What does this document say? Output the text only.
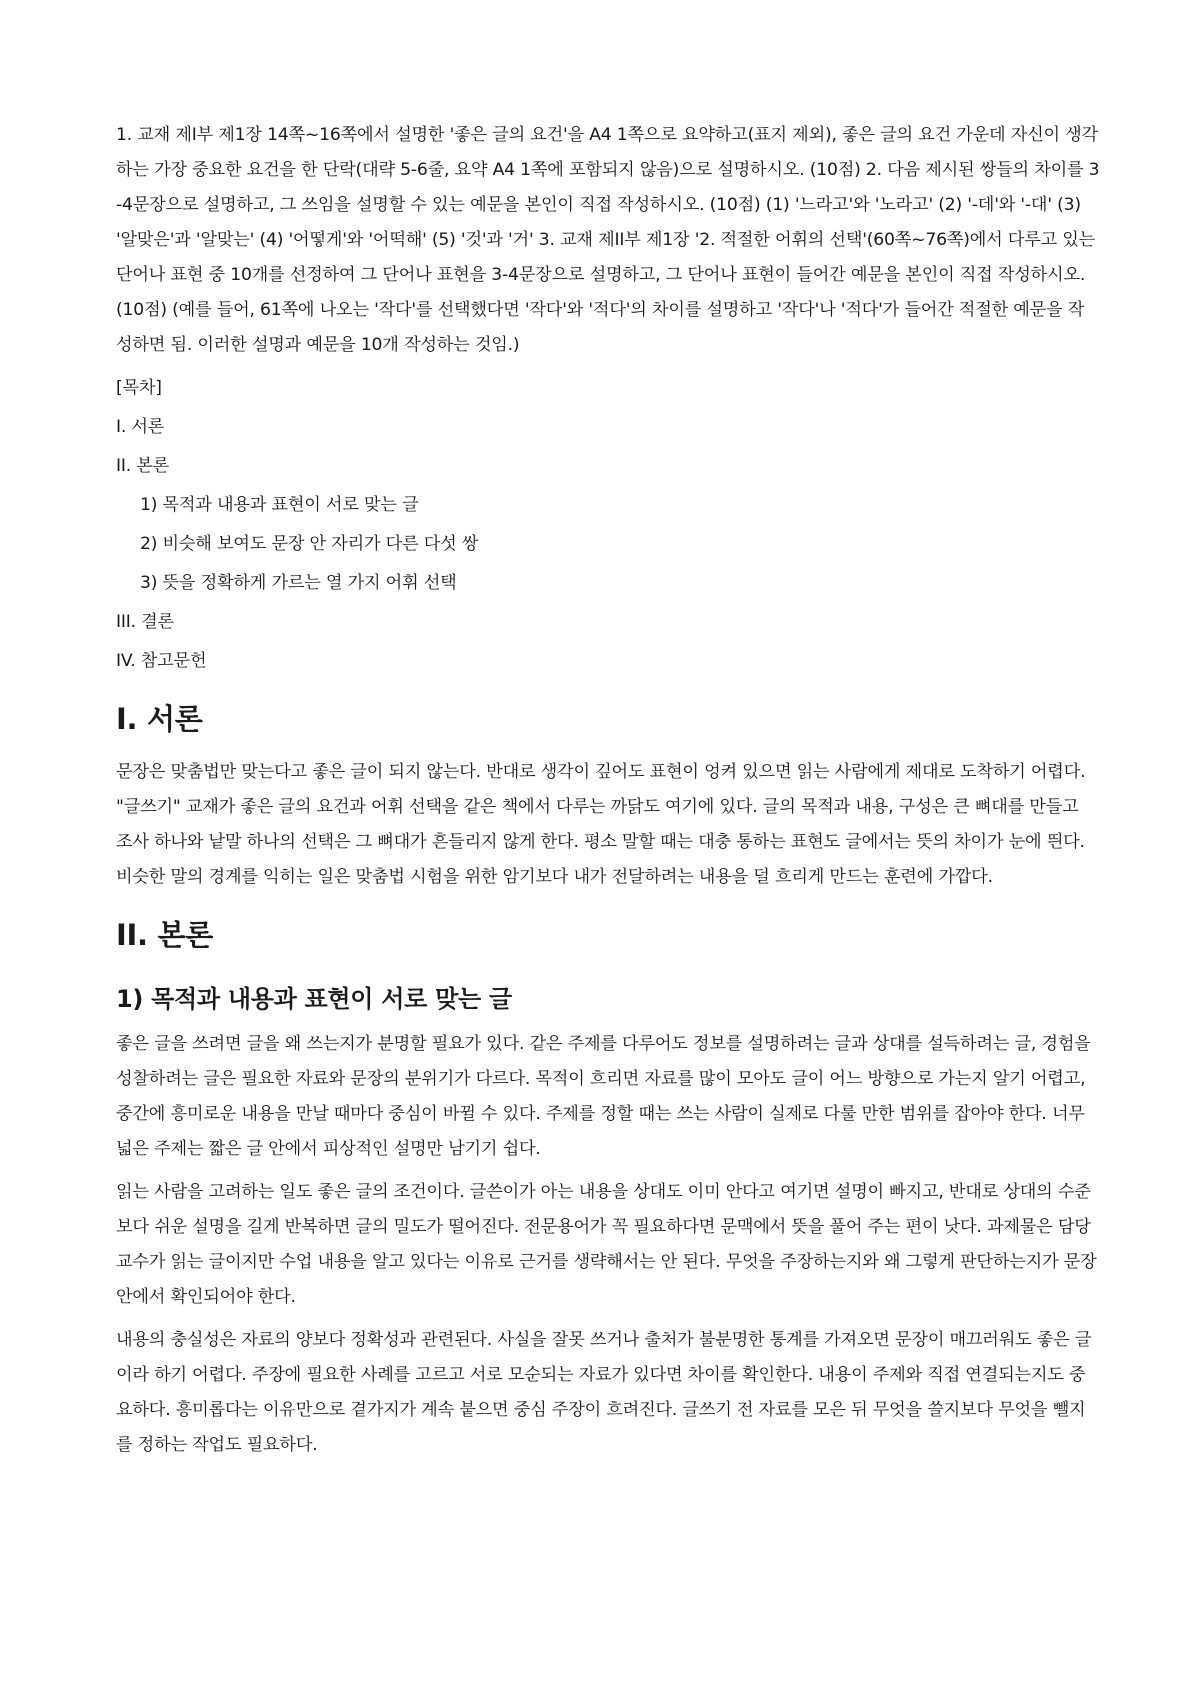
1. 교재 제I부 제1장 14쪽~16쪽에서 설명한 '좋은 글의 요건'을 A4 1쪽으로 요약하고(표지 제외), 좋은 글의 요건 가운데 자신이 생각하는 가장 중요한 요건을 한 단락(대략 5-6줄, 요약 A4 1쪽에 포함되지 않음)으로 설명하시오. (10점) 2. 다음 제시된 쌍들의 차이를 3-4문장으로 설명하고, 그 쓰임을 설명할 수 있는 예문을 본인이 직접 작성하시오. (10점) (1) '느라고'와 '노라고' (2) '-데'와 '-대' (3) '알맞은'과 '알맞는' (4) '어떻게'와 '어떡해' (5) '것'과 '거' 3. 교재 제II부 제1장 '2. 적절한 어휘의 선택'(60쪽~76쪽)에서 다루고 있는 단어나 표현 중 10개를 선정하여 그 단어나 표현을 3-4문장으로 설명하고, 그 단어나 표현이 들어간 예문을 본인이 직접 작성하시오. (10점) (예를 들어, 61쪽에 나오는 '작다'를 선택했다면 '작다'와 '적다'의 차이를 설명하고 '작다'나 '적다'가 들어간 적절한 예문을 작성하면 됨. 이러한 설명과 예문을 10개 작성하는 것임.)

[목차]

I. 서론

II. 본론

1) 목적과 내용과 표현이 서로 맞는 글

2) 비슷해 보여도 문장 안 자리가 다른 다섯 쌍

3) 뜻을 정확하게 가르는 열 가지 어휘 선택

III. 결론

IV. 참고문헌

I. 서론

문장은 맞춤법만 맞는다고 좋은 글이 되지 않는다. 반대로 생각이 깊어도 표현이 엉켜 있으면 읽는 사람에게 제대로 도착하기 어렵다. "글쓰기" 교재가 좋은 글의 요건과 어휘 선택을 같은 책에서 다루는 까닭도 여기에 있다. 글의 목적과 내용, 구성은 큰 뼈대를 만들고 조사 하나와 낱말 하나의 선택은 그 뼈대가 흔들리지 않게 한다. 평소 말할 때는 대충 통하는 표현도 글에서는 뜻의 차이가 눈에 띈다. 비슷한 말의 경계를 익히는 일은 맞춤법 시험을 위한 암기보다 내가 전달하려는 내용을 덜 흐리게 만드는 훈련에 가깝다.

II. 본론
1) 목적과 내용과 표현이 서로 맞는 글

좋은 글을 쓰려면 글을 왜 쓰는지가 분명할 필요가 있다. 같은 주제를 다루어도 정보를 설명하려는 글과 상대를 설득하려는 글, 경험을 성찰하려는 글은 필요한 자료와 문장의 분위기가 다르다. 목적이 흐리면 자료를 많이 모아도 글이 어느 방향으로 가는지 알기 어렵고, 중간에 흥미로운 내용을 만날 때마다 중심이 바뀔 수 있다. 주제를 정할 때는 쓰는 사람이 실제로 다룰 만한 범위를 잡아야 한다. 너무 넓은 주제는 짧은 글 안에서 피상적인 설명만 남기기 쉽다.

읽는 사람을 고려하는 일도 좋은 글의 조건이다. 글쓴이가 아는 내용을 상대도 이미 안다고 여기면 설명이 빠지고, 반대로 상대의 수준보다 쉬운 설명을 길게 반복하면 글의 밀도가 떨어진다. 전문용어가 꼭 필요하다면 문맥에서 뜻을 풀어 주는 편이 낫다. 과제물은 담당 교수가 읽는 글이지만 수업 내용을 알고 있다는 이유로 근거를 생략해서는 안 된다. 무엇을 주장하는지와 왜 그렇게 판단하는지가 문장 안에서 확인되어야 한다.

내용의 충실성은 자료의 양보다 정확성과 관련된다. 사실을 잘못 쓰거나 출처가 불분명한 통계를 가져오면 문장이 매끄러워도 좋은 글이라 하기 어렵다. 주장에 필요한 사례를 고르고 서로 모순되는 자료가 있다면 차이를 확인한다. 내용이 주제와 직접 연결되는지도 중요하다. 흥미롭다는 이유만으로 곁가지가 계속 붙으면 중심 주장이 흐려진다. 글쓰기 전 자료를 모은 뒤 무엇을 쓸지보다 무엇을 뺄지를 정하는 작업도 필요하다.
